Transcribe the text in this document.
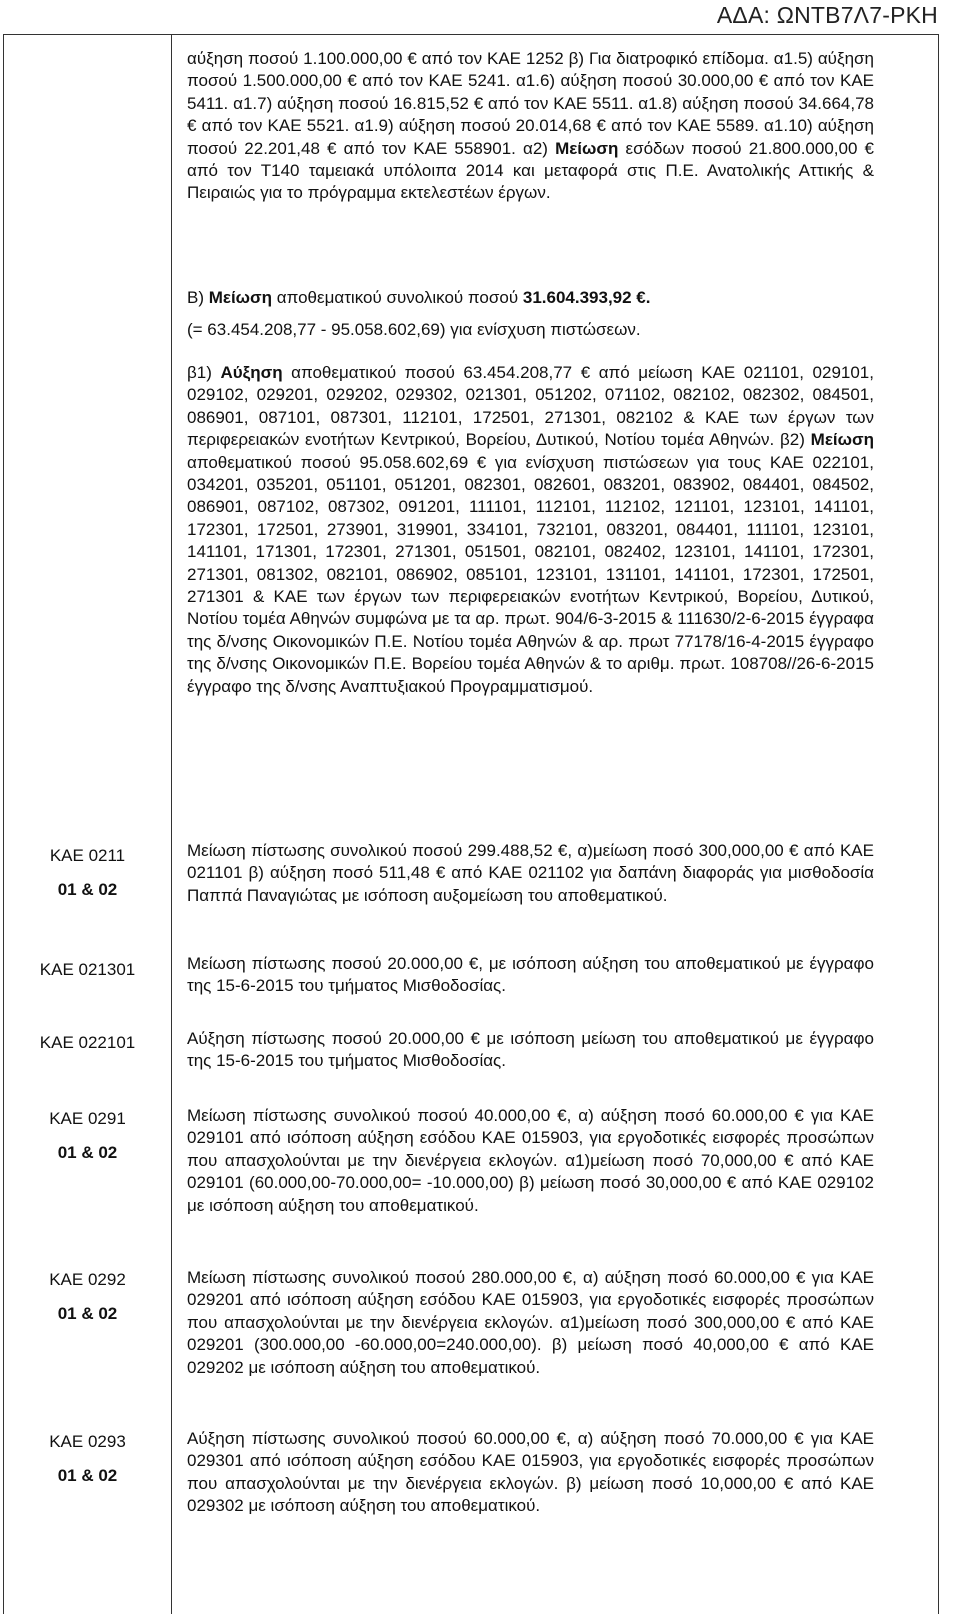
ΑΔΑ: ΩΝΤΒ7Λ7-ΡΚΗ
αύξηση ποσού 1.100.000,00 € από τον ΚΑΕ 1252 β) Για διατροφικό επίδομα. α1.5) αύξηση ποσού 1.500.000,00 € από τον ΚΑΕ 5241. α1.6) αύξηση ποσού 30.000,00 € από τον ΚΑΕ 5411. α1.7) αύξηση ποσού 16.815,52 € από τον ΚΑΕ 5511. α1.8) αύξηση ποσού 34.664,78 € από τον ΚΑΕ 5521. α1.9) αύξηση ποσού 20.014,68 € από τον ΚΑΕ 5589. α1.10) αύξηση ποσού 22.201,48 € από τον ΚΑΕ 558901. α2) Μείωση εσόδων ποσού 21.800.000,00 € από τον Τ140 ταμειακά υπόλοιπα 2014 και μεταφορά στις Π.Ε. Ανατολικής Αττικής & Πειραιώς για το πρόγραμμα εκτελεστέων έργων.
Β) Μείωση αποθεματικού συνολικού ποσού 31.604.393,92 €.
(= 63.454.208,77 - 95.058.602,69) για ενίσχυση πιστώσεων.
β1) Αύξηση αποθεματικού ποσού 63.454.208,77 € από μείωση ΚΑΕ 021101, 029101, 029102, 029201, 029202, 029302, 021301, 051202, 071102, 082102, 082302, 084501, 086901, 087101, 087301, 112101, 172501, 271301, 082102 & ΚΑΕ των έργων των περιφερειακών ενοτήτων Κεντρικού, Βορείου, Δυτικού, Νοτίου τομέα Αθηνών. β2) Μείωση αποθεματικού ποσού 95.058.602,69 € για ενίσχυση πιστώσεων για τους ΚΑΕ 022101, 034201, 035201, 051101, 051201, 082301, 082601, 083201, 083902, 084401, 084502, 086901, 087102, 087302, 091201, 111101, 112101, 112102, 121101, 123101, 141101, 172301, 172501, 273901, 319901, 334101, 732101, 083201, 084401, 111101, 123101, 141101, 171301, 172301, 271301, 051501, 082101, 082402, 123101, 141101, 172301, 271301, 081302, 082101, 086902, 085101, 123101, 131101, 141101, 172301, 172501, 271301 & ΚΑΕ των έργων των περιφερειακών ενοτήτων Κεντρικού, Βορείου, Δυτικού, Νοτίου τομέα Αθηνών συμφώνα με τα αρ. πρωτ. 904/6-3-2015 & 111630/2-6-2015 έγγραφα της δ/νσης Οικονομικών Π.Ε. Νοτίου τομέα Αθηνών & αρ. πρωτ 77178/16-4-2015 έγγραφο της δ/νσης Οικονομικών Π.Ε. Βορείου τομέα Αθηνών & το αριθμ. πρωτ. 108708//26-6-2015 έγγραφο της δ/νσης Αναπτυξιακού Προγραμματισμού.
ΚΑΕ 0211
01 & 02
Μείωση πίστωσης συνολικού ποσού 299.488,52 €, α)μείωση ποσό 300,000,00 € από ΚΑΕ 021101 β) αύξηση ποσό 511,48 € από ΚΑΕ 021102 για δαπάνη διαφοράς για μισθοδοσία Παππά Παναγιώτας με ισόποση αυξομείωση του αποθεματικού.
ΚΑΕ 021301	Μείωση πίστωσης ποσού 20.000,00 €, με ισόποση αύξηση του αποθεματικού με έγγραφο της 15-6-2015 του τμήματος Μισθοδοσίας.
ΚΑΕ 022101	Αύξηση πίστωσης ποσού 20.000,00 € με ισόποση μείωση του αποθεματικού με έγγραφο της 15-6-2015 του τμήματος Μισθοδοσίας.
ΚΑΕ 0291
01 & 02
Μείωση πίστωσης συνολικού ποσού 40.000,00 €, α) αύξηση ποσό 60.000,00 € για ΚΑΕ 029101 από ισόποση αύξηση εσόδου ΚΑΕ 015903, για εργοδοτικές εισφορές προσώπων που απασχολούνται με την διενέργεια εκλογών. α1)μείωση ποσό 70,000,00 € από ΚΑΕ 029101 (60.000,00-70.000,00= -10.000,00) β) μείωση ποσό 30,000,00 € από ΚΑΕ 029102 με ισόποση αύξηση του αποθεματικού.
ΚΑΕ 0292
01 & 02
Μείωση πίστωσης συνολικού ποσού 280.000,00 €, α) αύξηση ποσό 60.000,00 € για ΚΑΕ 029201 από ισόποση αύξηση εσόδου ΚΑΕ 015903, για εργοδοτικές εισφορές προσώπων που απασχολούνται με την διενέργεια εκλογών. α1)μείωση ποσό 300,000,00 € από ΚΑΕ 029201 (300.000,00 -60.000,00=240.000,00). β) μείωση ποσό 40,000,00 € από ΚΑΕ 029202 με ισόποση αύξηση του αποθεματικού.
ΚΑΕ 0293
01 & 02
Αύξηση πίστωσης συνολικού ποσού 60.000,00 €, α) αύξηση ποσό 70.000,00 € για ΚΑΕ 029301 από ισόποση αύξηση εσόδου ΚΑΕ 015903, για εργοδοτικές εισφορές προσώπων που απασχολούνται με την διενέργεια εκλογών. β) μείωση ποσό 10,000,00 € από ΚΑΕ 029302 με ισόποση αύξηση του αποθεματικού.
